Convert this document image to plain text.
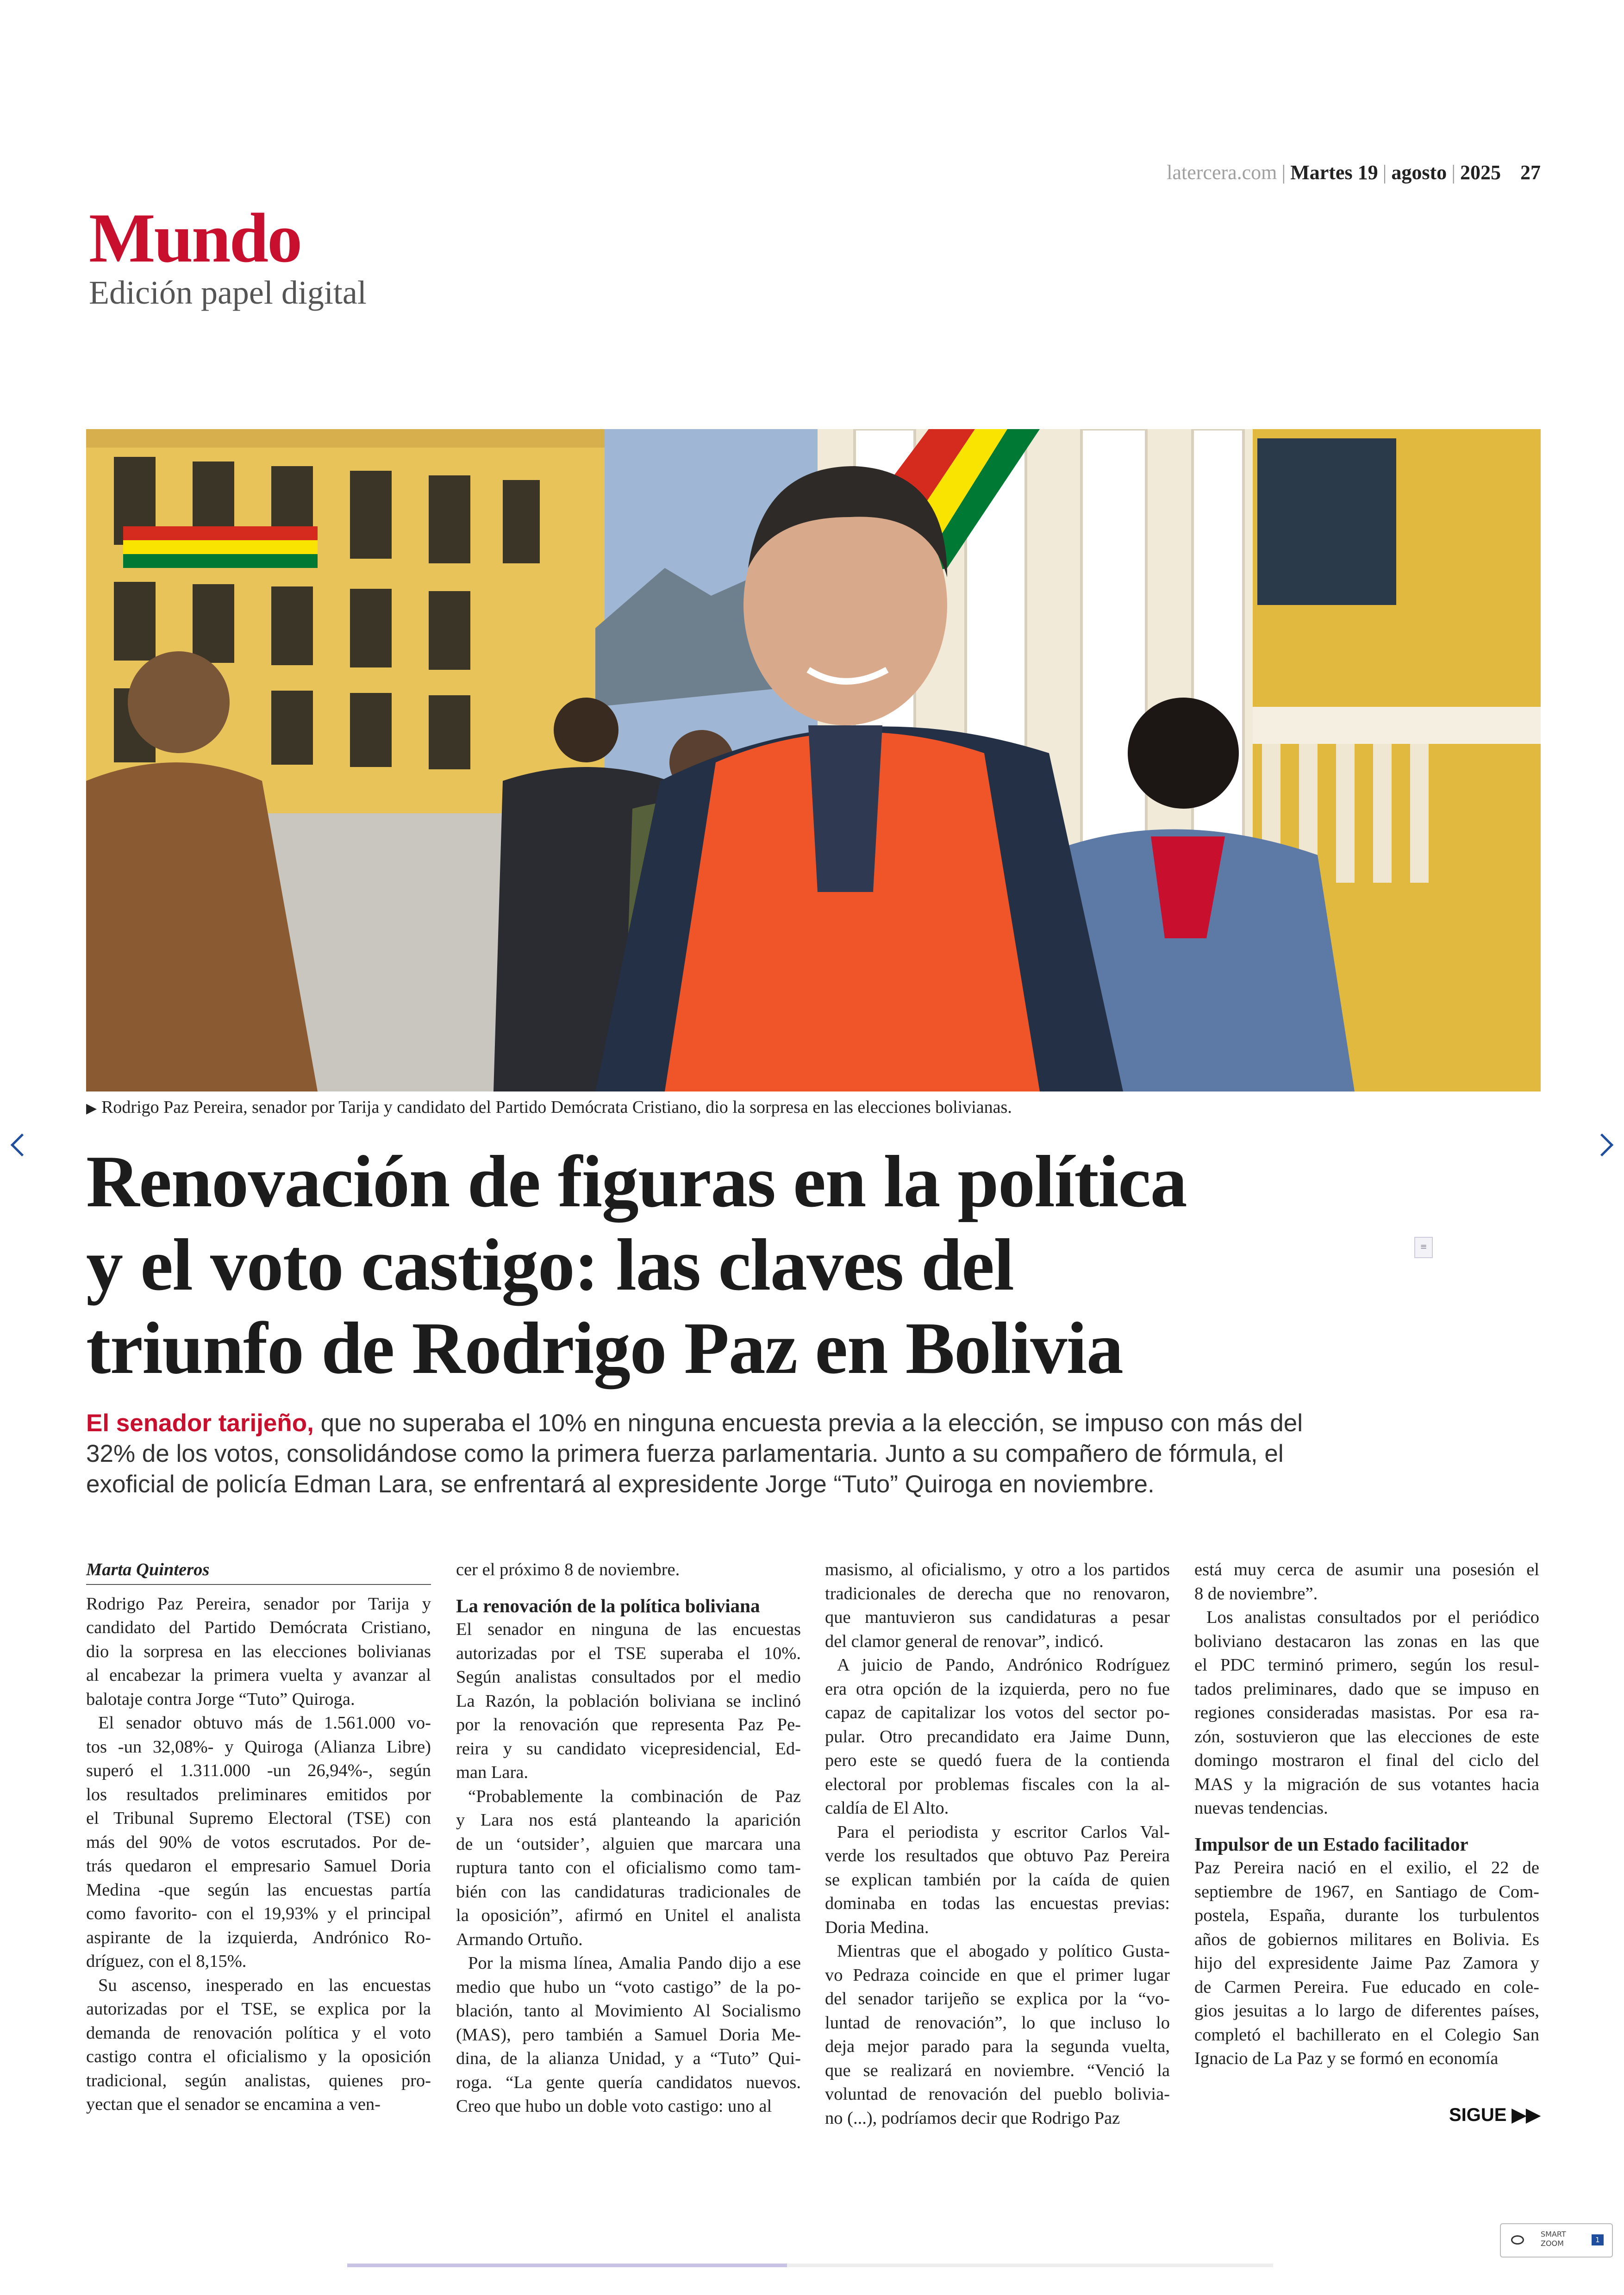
latercera.com | Martes 19 | agosto | 2025 27
Mundo
Edición papel digital
▶ Rodrigo Paz Pereira, senador por Tarija y candidato del Partido Demócrata Cristiano, dio la sorpresa en las elecciones bolivianas.
≡
Renovación de figuras en la política
y el voto castigo: las claves del
triunfo de Rodrigo Paz en Bolivia
El senador tarijeño, que no superaba el 10% en ninguna encuesta previa a la elección, se impuso con más del
32% de los votos, consolidándose como la primera fuerza parlamentaria. Junto a su compañero de fórmula, el
exoficial de policía Edman Lara, se enfrentará al expresidente Jorge “Tuto” Quiroga en noviembre.
Marta Quinteros
Rodrigo Paz Pereira, senador por Tarija y
candidato del Partido Demócrata Cristiano,
dio la sorpresa en las elecciones bolivianas
al encabezar la primera vuelta y avanzar al
balotaje contra Jorge “Tuto” Quiroga.
El senador obtuvo más de 1.561.000 vo-
tos -un 32,08%- y Quiroga (Alianza Libre)
superó el 1.311.000 -un 26,94%-, según
los resultados preliminares emitidos por
el Tribunal Supremo Electoral (TSE) con
más del 90% de votos escrutados. Por de-
trás quedaron el empresario Samuel Doria
Medina -que según las encuestas partía
como favorito- con el 19,93% y el principal
aspirante de la izquierda, Andrónico Ro-
dríguez, con el 8,15%.
Su ascenso, inesperado en las encuestas
autorizadas por el TSE, se explica por la
demanda de renovación política y el voto
castigo contra el oficialismo y la oposición
tradicional, según analistas, quienes pro-
yectan que el senador se encamina a ven-
cer el próximo 8 de noviembre.
La renovación de la política boliviana
El senador en ninguna de las encuestas
autorizadas por el TSE superaba el 10%.
Según analistas consultados por el medio
La Razón, la población boliviana se inclinó
por la renovación que representa Paz Pe-
reira y su candidato vicepresidencial, Ed-
man Lara.
“Probablemente la combinación de Paz
y Lara nos está planteando la aparición
de un ‘outsider’, alguien que marcara una
ruptura tanto con el oficialismo como tam-
bién con las candidaturas tradicionales de
la oposición”, afirmó en Unitel el analista
Armando Ortuño.
Por la misma línea, Amalia Pando dijo a ese
medio que hubo un “voto castigo” de la po-
blación, tanto al Movimiento Al Socialismo
(MAS), pero también a Samuel Doria Me-
dina, de la alianza Unidad, y a “Tuto” Qui-
roga. “La gente quería candidatos nuevos.
Creo que hubo un doble voto castigo: uno al
masismo, al oficialismo, y otro a los partidos
tradicionales de derecha que no renovaron,
que mantuvieron sus candidaturas a pesar
del clamor general de renovar”, indicó.
A juicio de Pando, Andrónico Rodríguez
era otra opción de la izquierda, pero no fue
capaz de capitalizar los votos del sector po-
pular. Otro precandidato era Jaime Dunn,
pero este se quedó fuera de la contienda
electoral por problemas fiscales con la al-
caldía de El Alto.
Para el periodista y escritor Carlos Val-
verde los resultados que obtuvo Paz Pereira
se explican también por la caída de quien
dominaba en todas las encuestas previas:
Doria Medina.
Mientras que el abogado y político Gusta-
vo Pedraza coincide en que el primer lugar
del senador tarijeño se explica por la “vo-
luntad de renovación”, lo que incluso lo
deja mejor parado para la segunda vuelta,
que se realizará en noviembre. “Venció la
voluntad de renovación del pueblo bolivia-
no (...), podríamos decir que Rodrigo Paz
está muy cerca de asumir una posesión el
8 de noviembre”.
Los analistas consultados por el periódico
boliviano destacaron las zonas en las que
el PDC terminó primero, según los resul-
tados preliminares, dado que se impuso en
regiones consideradas masistas. Por esa ra-
zón, sostuvieron que las elecciones de este
domingo mostraron el final del ciclo del
MAS y la migración de sus votantes hacia
nuevas tendencias.
Impulsor de un Estado facilitador
Paz Pereira nació en el exilio, el 22 de
septiembre de 1967, en Santiago de Com-
postela, España, durante los turbulentos
años de gobiernos militares en Bolivia. Es
hijo del expresidente Jaime Paz Zamora y
de Carmen Pereira. Fue educado en cole-
gios jesuitas a lo largo de diferentes países,
completó el bachillerato en el Colegio San
Ignacio de La Paz y se formó en economía
SIGUE ▶▶
SMART
ZOOM	1
